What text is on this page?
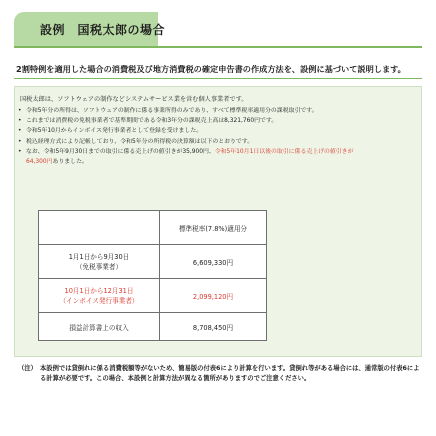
設例　国税太郎の場合
2割特例を適用した場合の消費税及び地方消費税の確定申告書の作成方法を、設例に基づいて説明します。
国税太郎は、ソフトウェアの制作などシステムサービス業を営む個人事業者です。
• 令和5年分の所得は、ソフトウェアの制作に係る事業所得のみであり、すべて標準税率適用分の課税取引です。
• これまでは消費税の免税事業者で基準期間である令和3年分の課税売上高は8,321,760円です。
• 令和5年10月からインボイス発行事業者として登録を受けました。
• 税込経理方式により記帳しており、令和5年分の所得税の決算額は以下のとおりです。
• なお、令和5年9月30日までの取引に係る売上げの値引きが35,900円、令和5年10月1日以後の取引に係る売上げの値引きが
64,300円ありました。
	標準税率(7.8%)適用分

1月1日から9月30日
（免税事業者）	6,609,330円

10月1日から12月31日
（インボイス発行事業者）	2,099,120円
損益計算書上の収入	8,708,450円
（注） 本設例では貸倒れに係る消費税額等がないため、簡易版の付表6により計算を行います。貸倒れ等がある場合には、通常版の付表6による計算が必要です。この場合、本設例と計算方法が異なる箇所がありますのでご注意ください。
